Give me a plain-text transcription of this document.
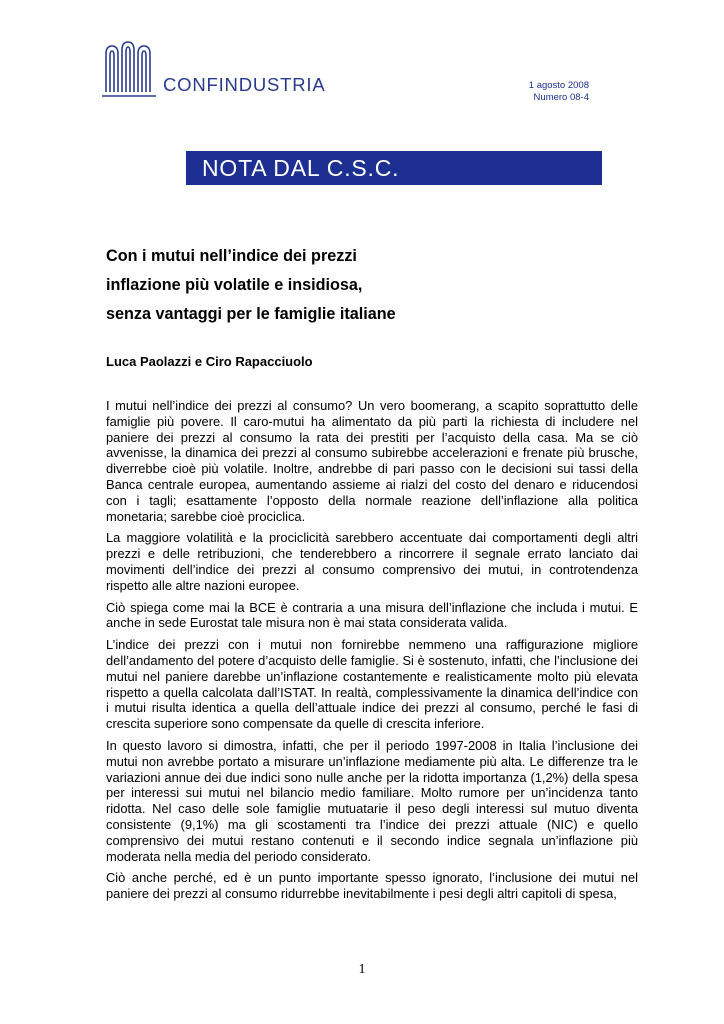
CONFINDUSTRIA	1 agosto 2008
Numero 08-4
NOTA DAL C.S.C.
Con i mutui nell’indice dei prezzi
inflazione più volatile e insidiosa,
senza vantaggi per le famiglie italiane
Luca Paolazzi e Ciro Rapacciuolo

I mutui nell’indice dei prezzi al consumo? Un vero boomerang, a scapito soprattutto delle famiglie più povere. Il caro-mutui ha alimentato da più parti la richiesta di includere nel paniere dei prezzi al consumo la rata dei prestiti per l’acquisto della casa. Ma se ciò avvenisse, la dinamica dei prezzi al consumo subirebbe accelerazioni e frenate più brusche, diverrebbe cioè più volatile. Inoltre, andrebbe di pari passo con le decisioni sui tassi della Banca centrale europea, aumentando assieme ai rialzi del costo del denaro e riducendosi con i tagli; esattamente l’opposto della normale reazione dell’inflazione alla politica monetaria; sarebbe cioè prociclica.

La maggiore volatilità e la prociclicità sarebbero accentuate dai comportamenti degli altri prezzi e delle retribuzioni, che tenderebbero a rincorrere il segnale errato lanciato dai movimenti dell’indice dei prezzi al consumo comprensivo dei mutui, in controtendenza rispetto alle altre nazioni europee.

Ciò spiega come mai la BCE è contraria a una misura dell’inflazione che includa i mutui. E anche in sede Eurostat tale misura non è mai stata considerata valida.

L’indice dei prezzi con i mutui non fornirebbe nemmeno una raffigurazione migliore dell’andamento del potere d’acquisto delle famiglie. Si è sostenuto, infatti, che l’inclusione dei mutui nel paniere darebbe un’inflazione costantemente e realisticamente molto più elevata rispetto a quella calcolata dall’ISTAT. In realtà, complessivamente la dinamica dell’indice con i mutui risulta identica a quella dell’attuale indice dei prezzi al consumo, perché le fasi di crescita superiore sono compensate da quelle di crescita inferiore.

In questo lavoro si dimostra, infatti, che per il periodo 1997-2008 in Italia l’inclusione dei mutui non avrebbe portato a misurare un’inflazione mediamente più alta. Le differenze tra le variazioni annue dei due indici sono nulle anche per la ridotta importanza (1,2%) della spesa per interessi sui mutui nel bilancio medio familiare. Molto rumore per un’incidenza tanto ridotta. Nel caso delle sole famiglie mutuatarie il peso degli interessi sul mutuo diventa consistente (9,1%) ma gli scostamenti tra l’indice dei prezzi attuale (NIC) e quello comprensivo dei mutui restano contenuti e il secondo indice segnala un’inflazione più moderata nella media del periodo considerato.

Ciò anche perché, ed è un punto importante spesso ignorato, l’inclusione dei mutui nel paniere dei prezzi al consumo ridurrebbe inevitabilmente i pesi degli altri capitoli di spesa,

1
